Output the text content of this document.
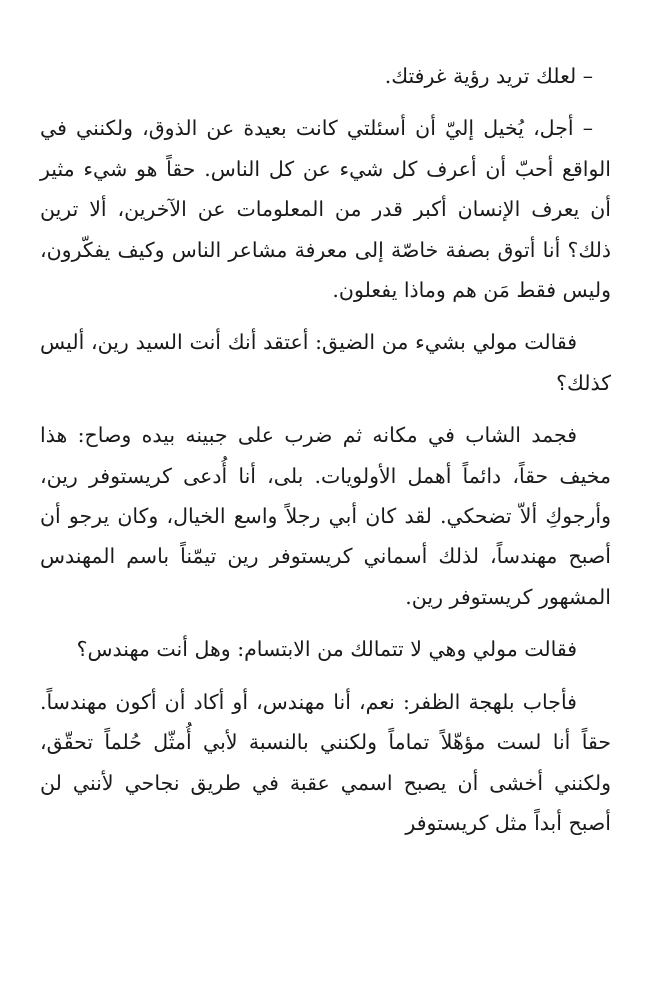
– لعلك تريد رؤية غرفتك.

– أجل، يُخيل إليّ أن أسئلتي كانت بعيدة عن الذوق، ولكنني في الواقع أحبّ أن أعرف كل شيء عن كل الناس. حقاً هو شيء مثير أن يعرف الإنسان أكبر قدر من المعلومات عن الآخرين، ألا ترين ذلك؟ أنا أتوق بصفة خاصّة إلى معرفة مشاعر الناس وكيف يفكّرون، وليس فقط مَن هم وماذا يفعلون.

فقالت مولي بشيء من الضيق: أعتقد أنك أنت السيد رين، أليس كذلك؟

فجمد الشاب في مكانه ثم ضرب على جبينه بيده وصاح: هذا مخيف حقاً، دائماً أهمل الأولويات. بلى، أنا أُدعى كريستوفر رين، وأرجوكِ ألاّ تضحكي. لقد كان أبي رجلاً واسع الخيال، وكان يرجو أن أصبح مهندساً، لذلك أسماني كريستوفر رين تيمّناً باسم المهندس المشهور كريستوفر رين.

فقالت مولي وهي لا تتمالك من الابتسام: وهل أنت مهندس؟

فأجاب بلهجة الظفر: نعم، أنا مهندس، أو أكاد أن أكون مهندساً. حقاً أنا لست مؤهّلاً تماماً ولكنني بالنسبة لأبي أُمثّل حُلماً تحقّق، ولكنني أخشى أن يصبح اسمي عقبة في طريق نجاحي لأنني لن أصبح أبداً مثل كريستوفر
